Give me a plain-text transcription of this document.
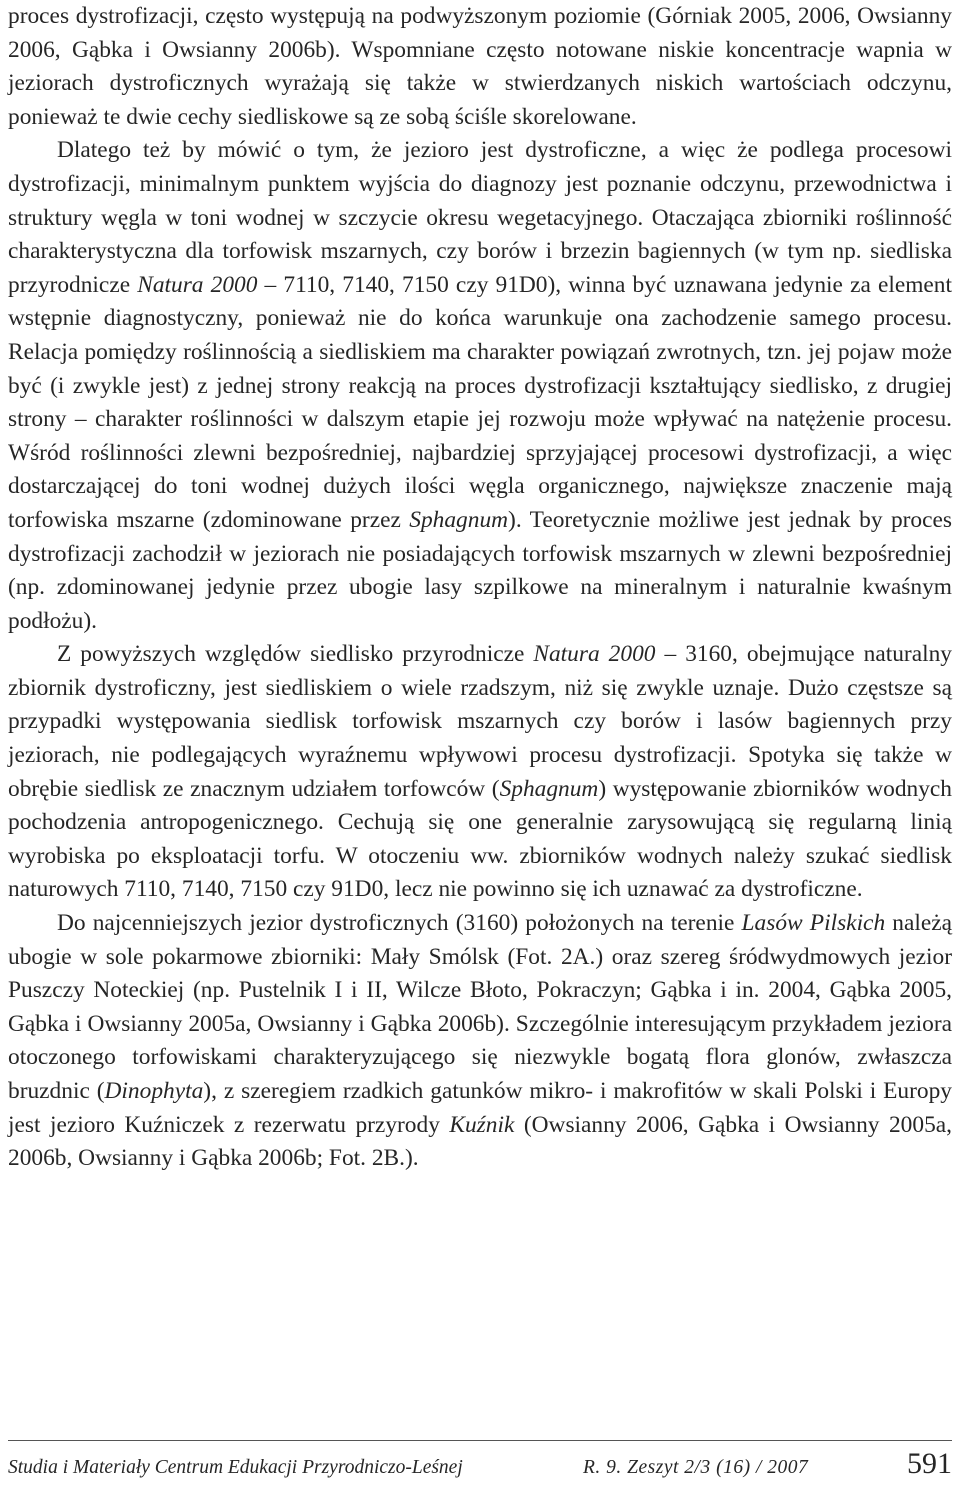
proces dystrofizacji, często występują na podwyższonym poziomie (Górniak 2005, 2006, Owsianny 2006, Gąbka i Owsianny 2006b). Wspomniane często notowane niskie koncentracje wapnia w jeziorach dystroficznych wyrażają się także w stwierdzanych niskich wartościach odczynu, ponieważ te dwie cechy siedliskowe są ze sobą ściśle skorelowane.

Dlatego też by mówić o tym, że jezioro jest dystroficzne, a więc że podlega procesowi dystrofizacji, minimalnym punktem wyjścia do diagnozy jest poznanie odczynu, przewodnictwa i struktury węgla w toni wodnej w szczycie okresu wegetacyjnego. Otaczająca zbiorniki roślinność charakterystyczna dla torfowisk mszarnych, czy borów i brzezin bagiennych (w tym np. siedliska przyrodnicze Natura 2000 – 7110, 7140, 7150 czy 91D0), winna być uznawana jedynie za element wstępnie diagnostyczny, ponieważ nie do końca warunkuje ona zachodzenie samego procesu. Relacja pomiędzy roślinnością a siedliskiem ma charakter powiązań zwrotnych, tzn. jej pojaw może być (i zwykle jest) z jednej strony reakcją na proces dystrofizacji kształtujący siedlisko, z drugiej strony – charakter roślinności w dalszym etapie jej rozwoju może wpływać na natężenie procesu. Wśród roślinności zlewni bezpośredniej, najbardziej sprzyjającej procesowi dystrofizacji, a więc dostarczającej do toni wodnej dużych ilości węgla organicznego, największe znaczenie mają torfowiska mszarne (zdominowane przez Sphagnum). Teoretycznie możliwe jest jednak by proces dystrofizacji zachodził w jeziorach nie posiadających torfowisk mszarnych w zlewni bezpośredniej (np. zdominowanej jedynie przez ubogie lasy szpilkowe na mineralnym i naturalnie kwaśnym podłożu).

Z powyższych względów siedlisko przyrodnicze Natura 2000 – 3160, obejmujące naturalny zbiornik dystroficzny, jest siedliskiem o wiele rzadszym, niż się zwykle uznaje. Dużo częstsze są przypadki występowania siedlisk torfowisk mszarnych czy borów i lasów bagiennych przy jeziorach, nie podlegających wyraźnemu wpływowi procesu dystrofizacji. Spotyka się także w obrębie siedlisk ze znacznym udziałem torfowców (Sphagnum) występowanie zbiorników wodnych pochodzenia antropogenicznego. Cechują się one generalnie zarysowującą się regularną linią wyrobiska po eksploatacji torfu. W otoczeniu ww. zbiorników wodnych należy szukać siedlisk naturowych 7110, 7140, 7150 czy 91D0, lecz nie powinno się ich uznawać za dystroficzne.

Do najcenniejszych jezior dystroficznych (3160) położonych na terenie Lasów Pilskich należą ubogie w sole pokarmowe zbiorniki: Mały Smólsk (Fot. 2A.) oraz szereg śródwydmowych jezior Puszczy Noteckiej (np. Pustelnik I i II, Wilcze Błoto, Pokraczyn; Gąbka i in. 2004, Gąbka 2005, Gąbka i Owsianny 2005a, Owsianny i Gąbka 2006b). Szczególnie interesującym przykładem jeziora otoczonego torfowiskami charakteryzującego się niezwykle bogatą flora glonów, zwłaszcza bruzdnic (Dinophyta), z szeregiem rzadkich gatunków mikro- i makrofitów w skali Polski i Europy jest jezioro Kuźniczek z rezerwatu przyrody Kuźnik (Owsianny 2006, Gąbka i Owsianny 2005a, 2006b, Owsianny i Gąbka 2006b; Fot. 2B.).

Studia i Materiały Centrum Edukacji Przyrodniczo-Leśnej	R. 9. Zeszyt 2/3 (16) / 2007	591
